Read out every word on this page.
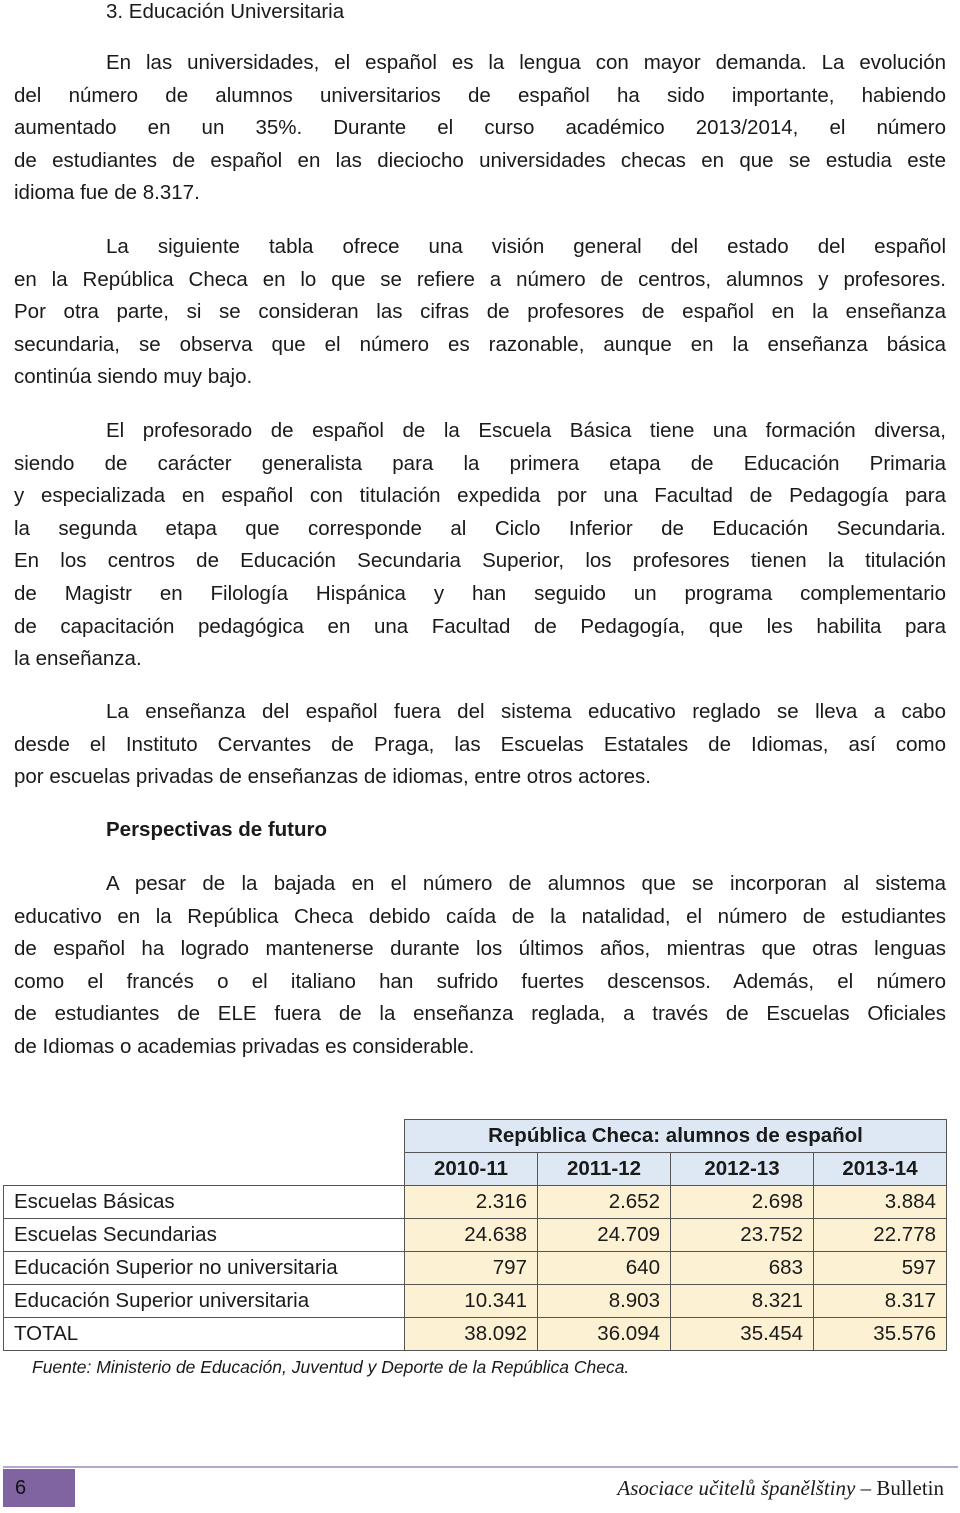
3. Educación Universitaria
En las universidades, el español es la lengua con mayor demanda. La evolución
del número de alumnos universitarios de español ha sido importante, habiendo
aumentado en un 35%. Durante el curso académico 2013/2014, el número
de estudiantes de español en las dieciocho universidades checas en que se estudia este
idioma fue de 8.317.
La siguiente tabla ofrece una visión general del estado del español
en la República Checa en lo que se refiere a número de centros, alumnos y profesores.
Por otra parte, si se consideran las cifras de profesores de español en la enseñanza
secundaria, se observa que el número es razonable, aunque en la enseñanza básica
continúa siendo muy bajo.
El profesorado de español de la Escuela Básica tiene una formación diversa,
siendo de carácter generalista para la primera etapa de Educación Primaria
y especializada en español con titulación expedida por una Facultad de Pedagogía para
la segunda etapa que corresponde al Ciclo Inferior de Educación Secundaria.
En los centros de Educación Secundaria Superior, los profesores tienen la titulación
de Magistr en Filología Hispánica y han seguido un programa complementario
de capacitación pedagógica en una Facultad de Pedagogía, que les habilita para
la enseñanza.
La enseñanza del español fuera del sistema educativo reglado se lleva a cabo
desde el Instituto Cervantes de Praga, las Escuelas Estatales de Idiomas, así como
por escuelas privadas de enseñanzas de idiomas, entre otros actores.
Perspectivas de futuro
A pesar de la bajada en el número de alumnos que se incorporan al sistema
educativo en la República Checa debido caída de la natalidad, el número de estudiantes
de español ha logrado mantenerse durante los últimos años, mientras que otras lenguas
como el francés o el italiano han sufrido fuertes descensos. Además, el número
de estudiantes de ELE fuera de la enseñanza reglada, a través de Escuelas Oficiales
de Idiomas o academias privadas es considerable.
	República Checa: alumnos de español			
	2010-11	2011-12	2012-13	2013-14
Escuelas Básicas	2.316	2.652	2.698	3.884
Escuelas Secundarias	24.638	24.709	23.752	22.778
Educación Superior no universitaria	797	640	683	597
Educación Superior universitaria	10.341	8.903	8.321	8.317
TOTAL	38.092	36.094	35.454	35.576
Fuente: Ministerio de Educación, Juventud y Deporte de la República Checa.
6	Asociace učitelů španělštiny – Bulletin
